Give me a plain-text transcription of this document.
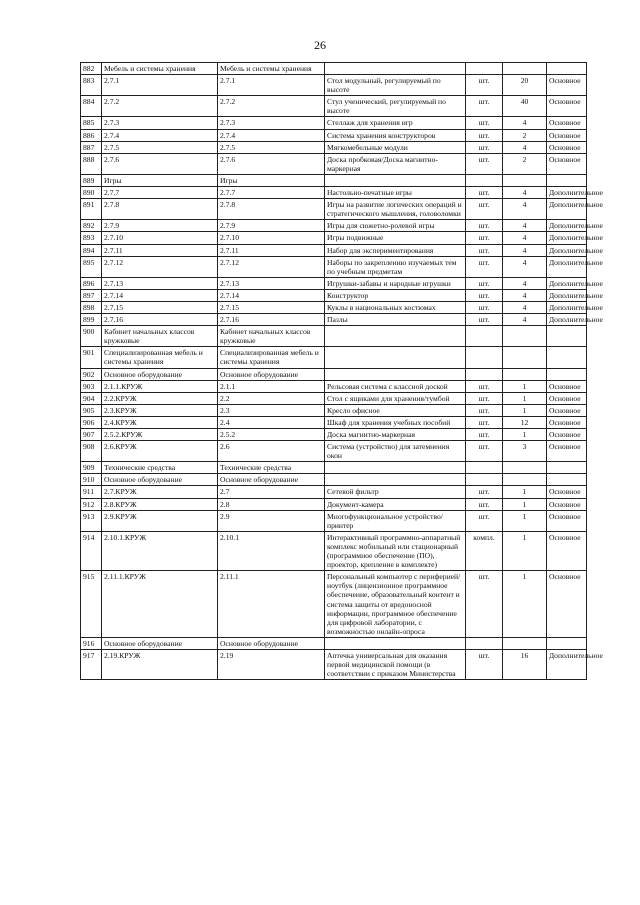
26
882	Мебель и системы хранения	Мебель и системы хранения				
883	2.7.1	2.7.1	Стол модульный, регулируемый по высоте	шт.	20	Основное
884	2.7.2	2.7.2	Стул ученический, регулируемый по высоте	шт.	40	Основное
885	2.7.3	2.7.3	Стеллаж для хранения игр	шт.	4	Основное
886	2.7.4	2.7.4	Система хранения конструкторов	шт.	2	Основное
887	2.7.5	2.7.5	Мягкомебельные модули	шт.	4	Основное
888	2.7.6	2.7.6	Доска пробковая/Доска магнитно-маркерная	шт.	2	Основное
889	Игры	Игры				
890	2.7.7	2.7.7	Настольно-печатные игры	шт.	4	Дополнительное
891	2.7.8	2.7.8	Игры на развитие логических операций и стратегического мышления, головоломки	шт.	4	Дополнительное
892	2.7.9	2.7.9	Игры для сюжетно-ролевой игры	шт.	4	Дополнительное
893	2.7.10	2.7.10	Игры подвижные	шт.	4	Дополнительное
894	2.7.11	2.7.11	Набор для экспериментирования	шт.	4	Дополнительное
895	2.7.12	2.7.12	Наборы по закреплению изучаемых тем по учебным предметам	шт.	4	Дополнительное
896	2.7.13	2.7.13	Игрушки-забавы и народные игрушки	шт.	4	Дополнительное
897	2.7.14	2.7.14	Конструктор	шт.	4	Дополнительное
898	2.7.15	2.7.15	Куклы в национальных костюмах	шт.	4	Дополнительное
899	2.7.16	2.7.16	Пазлы	шт.	4	Дополнительное
900	Кабинет начальных классов кружковые	Кабинет начальных классов кружковые				
901	Специализированная мебель и системы хранения	Специализированная мебель и системы хранения				
902	Основное оборудование	Основное оборудование				
903	2.1.1.КРУЖ	2.1.1	Рельсовая система с классной доской	шт.	1	Основное
904	2.2.КРУЖ	2.2	Стол с ящиками для хранения/тумбой	шт.	1	Основное
905	2.3.КРУЖ	2.3	Кресло офисное	шт.	1	Основное
906	2.4.КРУЖ	2.4	Шкаф для хранения учебных пособий	шт.	12	Основное
907	2.5.2.КРУЖ	2.5.2	Доска магнитно-маркерная	шт.	1	Основное
908	2.6.КРУЖ	2.6	Система (устройство) для затемнения окон	шт.	3	Основное
909	Технические средства	Технические средства				
910	Основное оборудование	Основное оборудование				
911	2.7.КРУЖ	2.7	Сетевой фильтр	шт.	1	Основное
912	2.8.КРУЖ	2.8	Документ-камера	шт.	1	Основное
913	2.9.КРУЖ	2.9	Многофункциональное устройство/принтер	шт.	1	Основное
914	2.10.1.КРУЖ	2.10.1	Интерактивный программно-аппаратный комплекс мобильный или стационарный (программное обеспечение (ПО), проектор, крепление в комплекте)	компл.	1	Основное
915	2.11.1.КРУЖ	2.11.1	Персональный компьютер с периферией/ноутбук (лицензионное программное обеспечение, образовательный контент и система защиты от вредоносной информации, программное обеспечение для цифровой лаборатории, с возможностью онлайн-опроса	шт.	1	Основное
916	Основное оборудование	Основное оборудование				
917	2.19.КРУЖ	2.19	Аптечка универсальная для оказания первой медицинской помощи (в соответствии с приказом Министерства	шт.	16	Дополнительное
